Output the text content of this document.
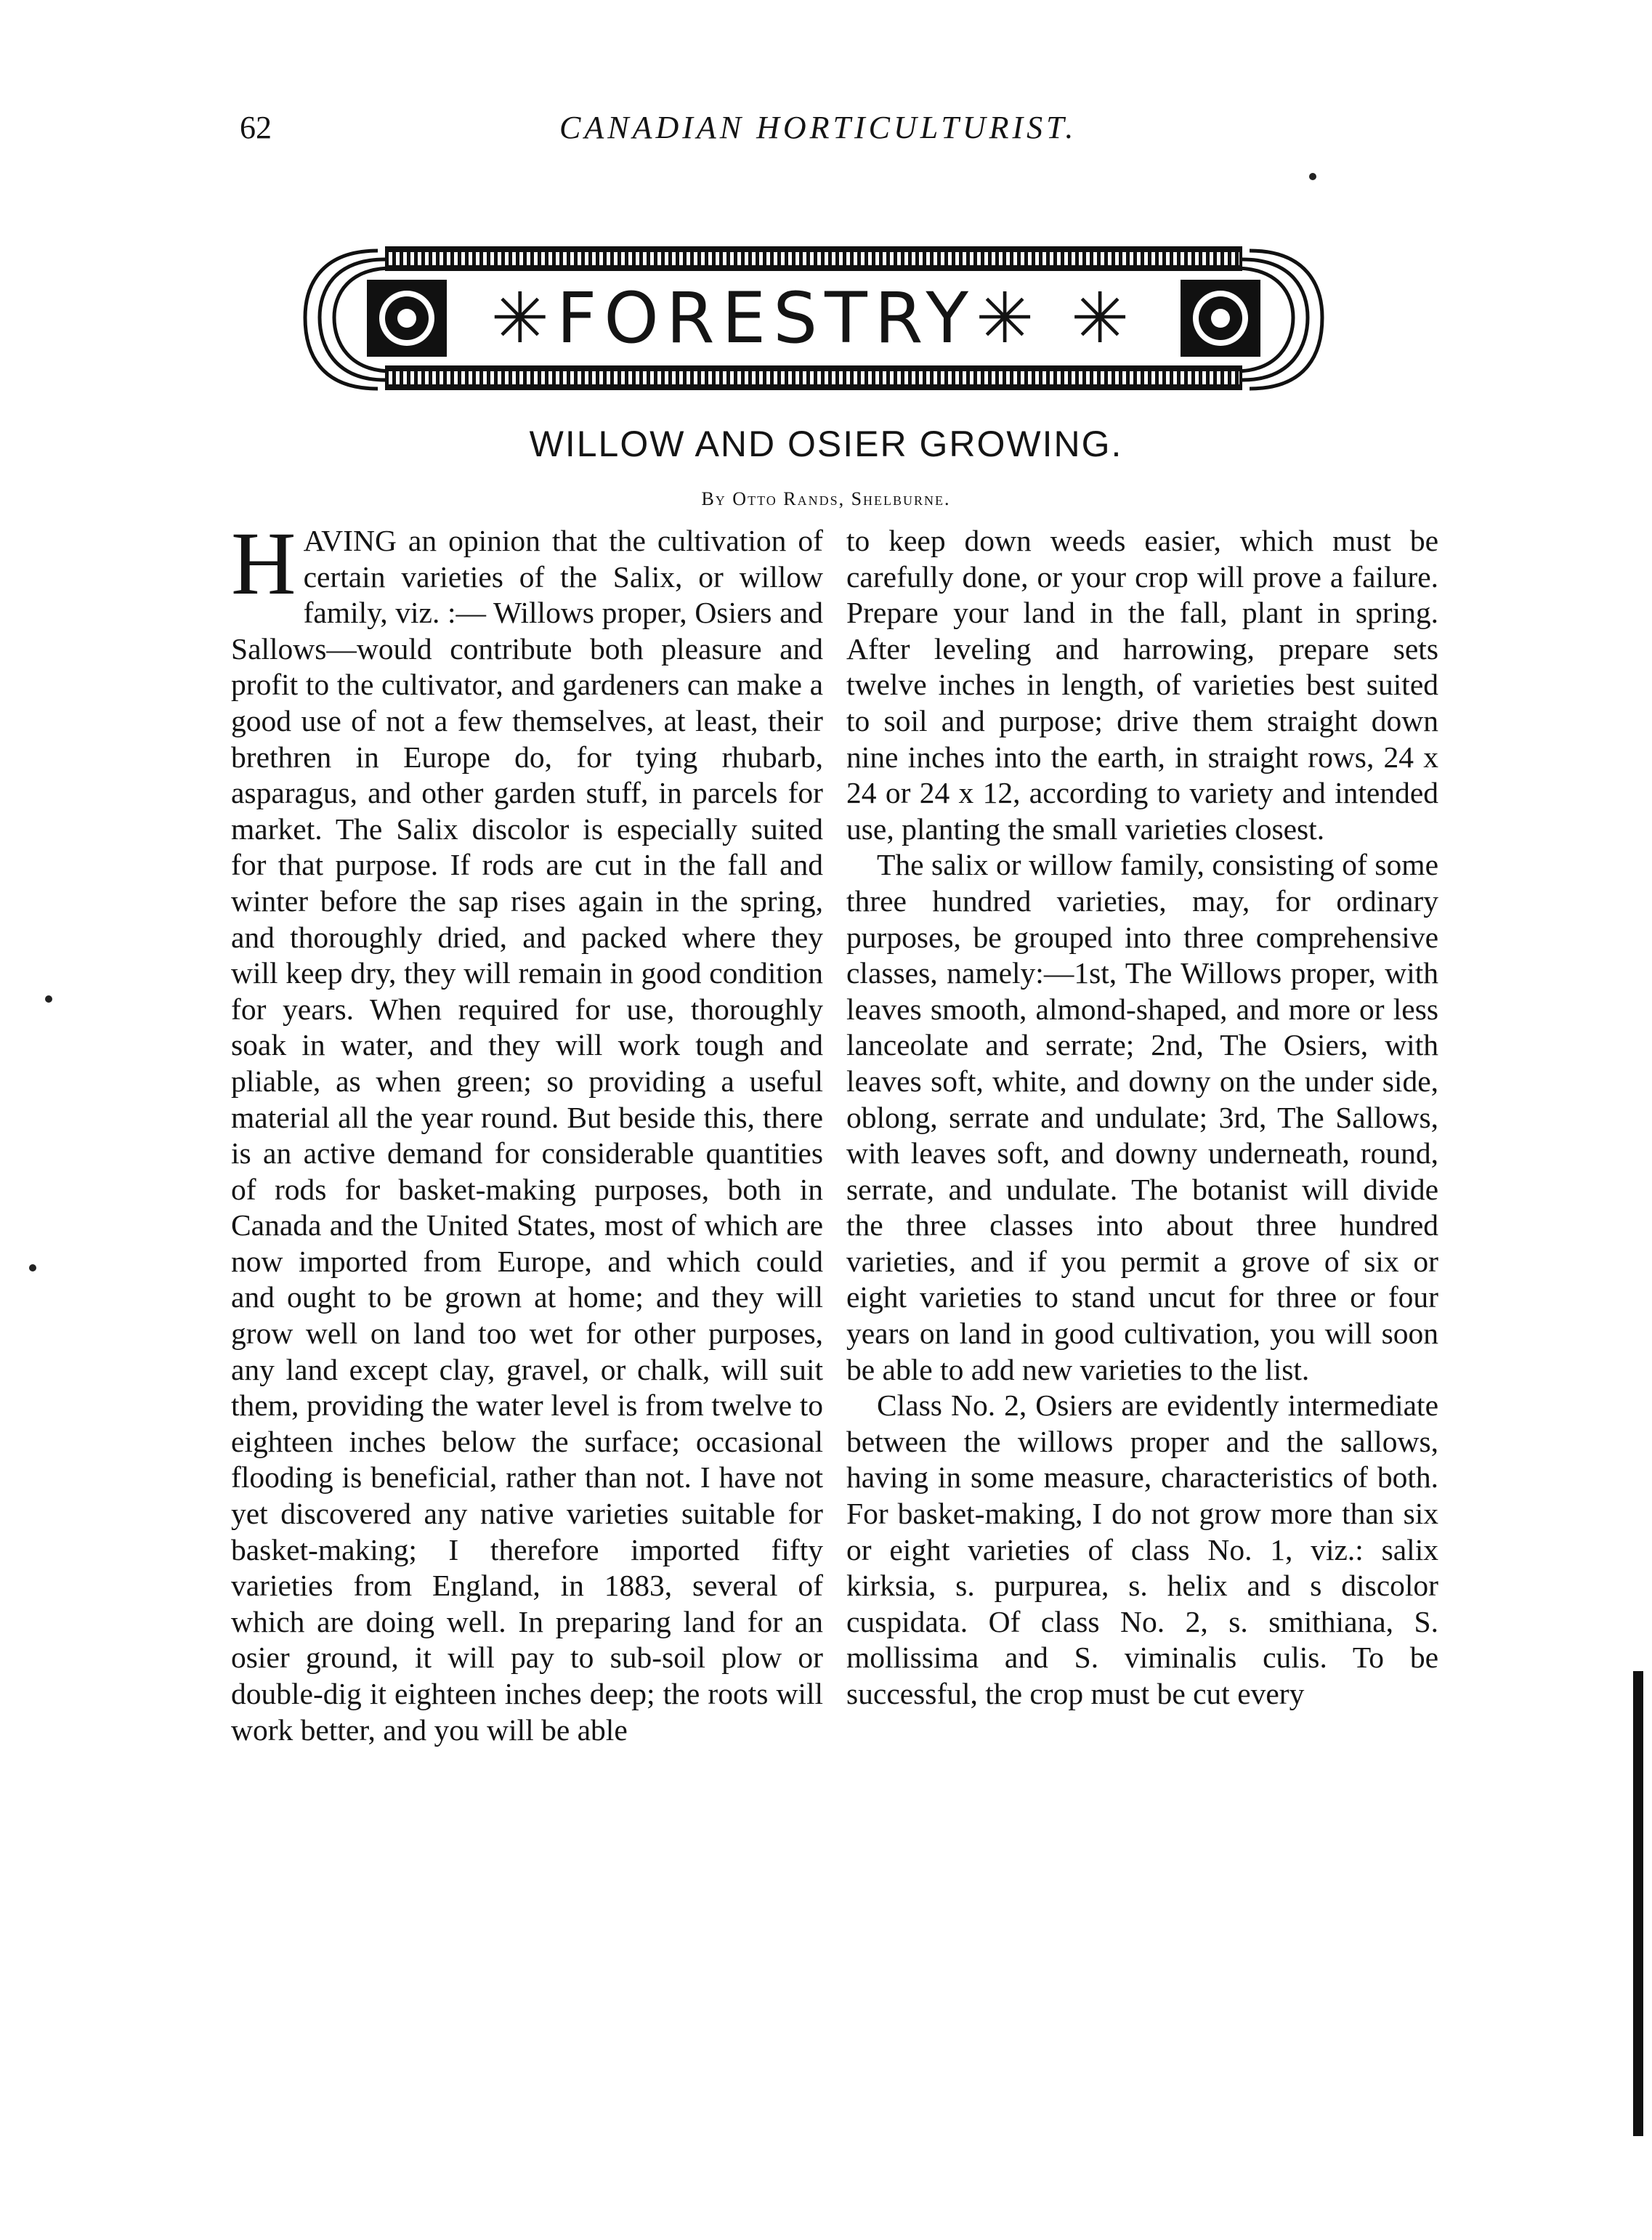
62	CANADIAN HORTICULTURIST.
✳FORESTRY✳ ✳
WILLOW AND OSIER GROWING.
By Otto Rands, Shelburne.

HAVING an opinion that the cultivation of certain varieties of the Salix, or willow family, viz. :— Willows proper, Osiers and Sallows—would contribute both pleasure and profit to the cultivator, and gardeners can make a good use of not a few themselves, at least, their brethren in Europe do, for tying rhubarb, asparagus, and other garden stuff, in parcels for market. The Salix discolor is especially suited for that purpose. If rods are cut in the fall and winter before the sap rises again in the spring, and thoroughly dried, and packed where they will keep dry, they will remain in good condition for years. When required for use, thoroughly soak in water, and they will work tough and pliable, as when green; so providing a useful material all the year round. But beside this, there is an active demand for considerable quantities of rods for basket-making purposes, both in Canada and the United States, most of which are now imported from Europe, and which could and ought to be grown at home; and they will grow well on land too wet for other purposes, any land except clay, gravel, or chalk, will suit them, providing the water level is from twelve to eighteen inches below the surface; occasional flooding is beneficial, rather than not. I have not yet discovered any native varieties suitable for basket-making; I therefore imported fifty varieties from England, in 1883, several of which are doing well. In preparing land for an osier ground, it will pay to sub-soil plow or double-dig it eighteen inches deep; the roots will work better, and you will be able

to keep down weeds easier, which must be carefully done, or your crop will prove a failure. Prepare your land in the fall, plant in spring. After leveling and harrowing, prepare sets twelve inches in length, of varieties best suited to soil and purpose; drive them straight down nine inches into the earth, in straight rows, 24 x 24 or 24 x 12, according to variety and intended use, planting the small varieties closest.

The salix or willow family, consisting of some three hundred varieties, may, for ordinary purposes, be grouped into three comprehensive classes, namely:—1st, The Willows proper, with leaves smooth, almond-shaped, and more or less lanceolate and serrate; 2nd, The Osiers, with leaves soft, white, and downy on the under side, oblong, serrate and undulate; 3rd, The Sallows, with leaves soft, and downy underneath, round, serrate, and undulate. The botanist will divide the three classes into about three hundred varieties, and if you permit a grove of six or eight varieties to stand uncut for three or four years on land in good cultivation, you will soon be able to add new varieties to the list.

Class No. 2, Osiers are evidently intermediate between the willows proper and the sallows, having in some measure, characteristics of both. For basket-making, I do not grow more than six or eight varieties of class No. 1, viz.: salix kirksia, s. purpurea, s. helix and s discolor cuspidata. Of class No. 2, s. smithiana, S. mollissima and S. viminalis culis. To be successful, the crop must be cut every
